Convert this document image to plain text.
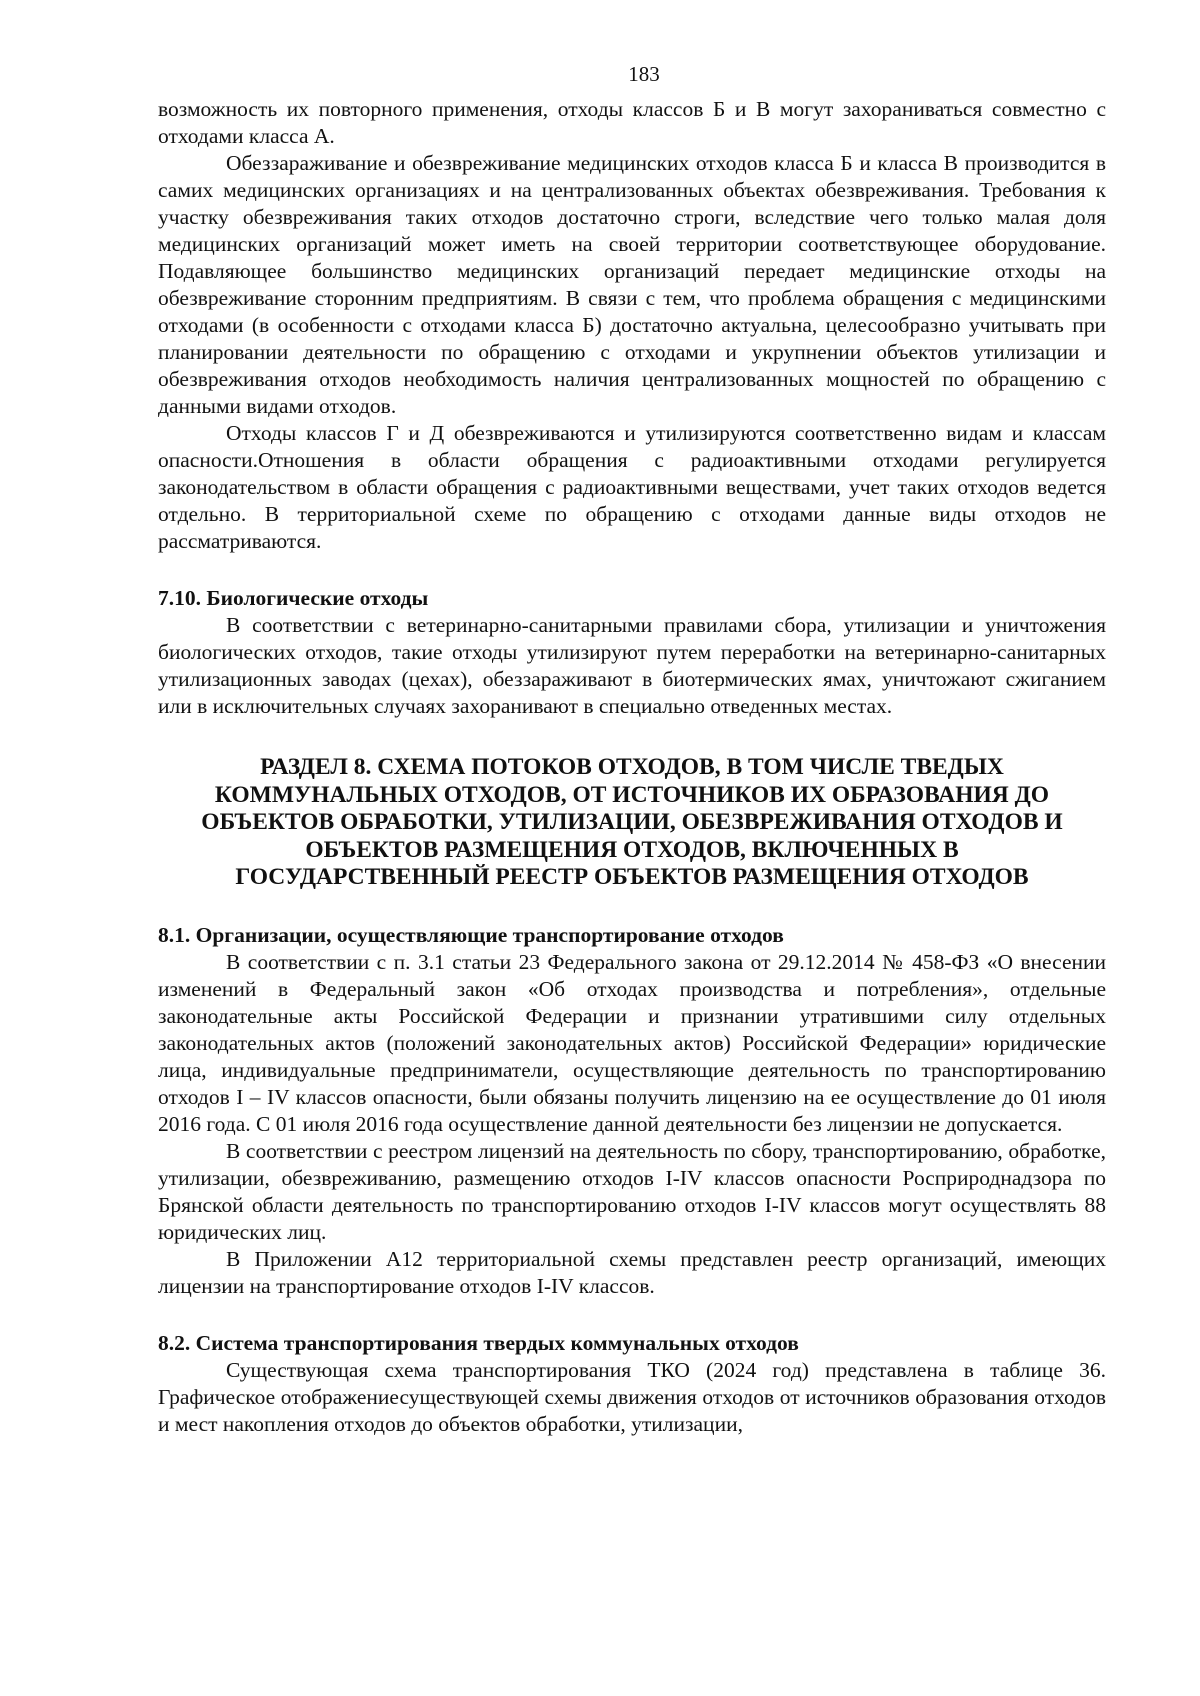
183

возможность их повторного применения, отходы классов Б и В могут захораниваться совместно с отходами класса А.

Обеззараживание и обезвреживание медицинских отходов класса Б и класса В производится в самих медицинских организациях и на централизованных объектах обезвреживания. Требования к участку обезвреживания таких отходов достаточно строги, вследствие чего только малая доля медицинских организаций может иметь на своей территории соответствующее оборудование. Подавляющее большинство медицинских организаций передает медицинские отходы на обезвреживание сторонним предприятиям. В связи с тем, что проблема обращения с медицинскими отходами (в особенности с отходами класса Б) достаточно актуальна, целесообразно учитывать при планировании деятельности по обращению с отходами и укрупнении объектов утилизации и обезвреживания отходов необходимость наличия централизованных мощностей по обращению с данными видами отходов.

Отходы классов Г и Д обезвреживаются и утилизируются соответственно видам и классам опасности.Отношения в области обращения с радиоактивными отходами регулируется законодательством в области обращения с радиоактивными веществами, учет таких отходов ведется отдельно. В территориальной схеме по обращению с отходами данные виды отходов не рассматриваются.

7.10. Биологические отходы

В соответствии с ветеринарно-санитарными правилами сбора, утилизации и уничтожения биологических отходов, такие отходы утилизируют путем переработки на ветеринарно-санитарных утилизационных заводах (цехах), обеззараживают в биотермических ямах, уничтожают сжиганием или в исключительных случаях захоранивают в специально отведенных местах.

РАЗДЕЛ 8. СХЕМА ПОТОКОВ ОТХОДОВ, В ТОМ ЧИСЛЕ ТВЕДЫХ
КОММУНАЛЬНЫХ ОТХОДОВ, ОТ ИСТОЧНИКОВ ИХ ОБРАЗОВАНИЯ ДО
ОБЪЕКТОВ ОБРАБОТКИ, УТИЛИЗАЦИИ, ОБЕЗВРЕЖИВАНИЯ ОТХОДОВ И
ОБЪЕКТОВ РАЗМЕЩЕНИЯ ОТХОДОВ, ВКЛЮЧЕННЫХ В
ГОСУДАРСТВЕННЫЙ РЕЕСТР ОБЪЕКТОВ РАЗМЕЩЕНИЯ ОТХОДОВ
8.1. Организации, осуществляющие транспортирование отходов

В соответствии с п. 3.1 статьи 23 Федерального закона от 29.12.2014 № 458-ФЗ «О внесении изменений в Федеральный закон «Об отходах производства и потребления», отдельные законодательные акты Российской Федерации и признании утратившими силу отдельных законодательных актов (положений законодательных актов) Российской Федерации» юридические лица, индивидуальные предприниматели, осуществляющие деятельность по транспортированию отходов I – IV классов опасности, были обязаны получить лицензию на ее осуществление до 01 июля 2016 года. С 01 июля 2016 года осуществление данной деятельности без лицензии не допускается.

В соответствии с реестром лицензий на деятельность по сбору, транспортированию, обработке, утилизации, обезвреживанию, размещению отходов I-IV классов опасности Росприроднадзора по Брянской области деятельность по транспортированию отходов I-IV классов могут осуществлять 88 юридических лиц.

В Приложении А12 территориальной схемы представлен реестр организаций, имеющих лицензии на транспортирование отходов I-IV классов.

8.2. Система транспортирования твердых коммунальных отходов

Существующая схема транспортирования ТКО (2024 год) представлена в таблице 36. Графическое отображениесуществующей схемы движения отходов от источников образования отходов и мест накопления отходов до объектов обработки, утилизации,
